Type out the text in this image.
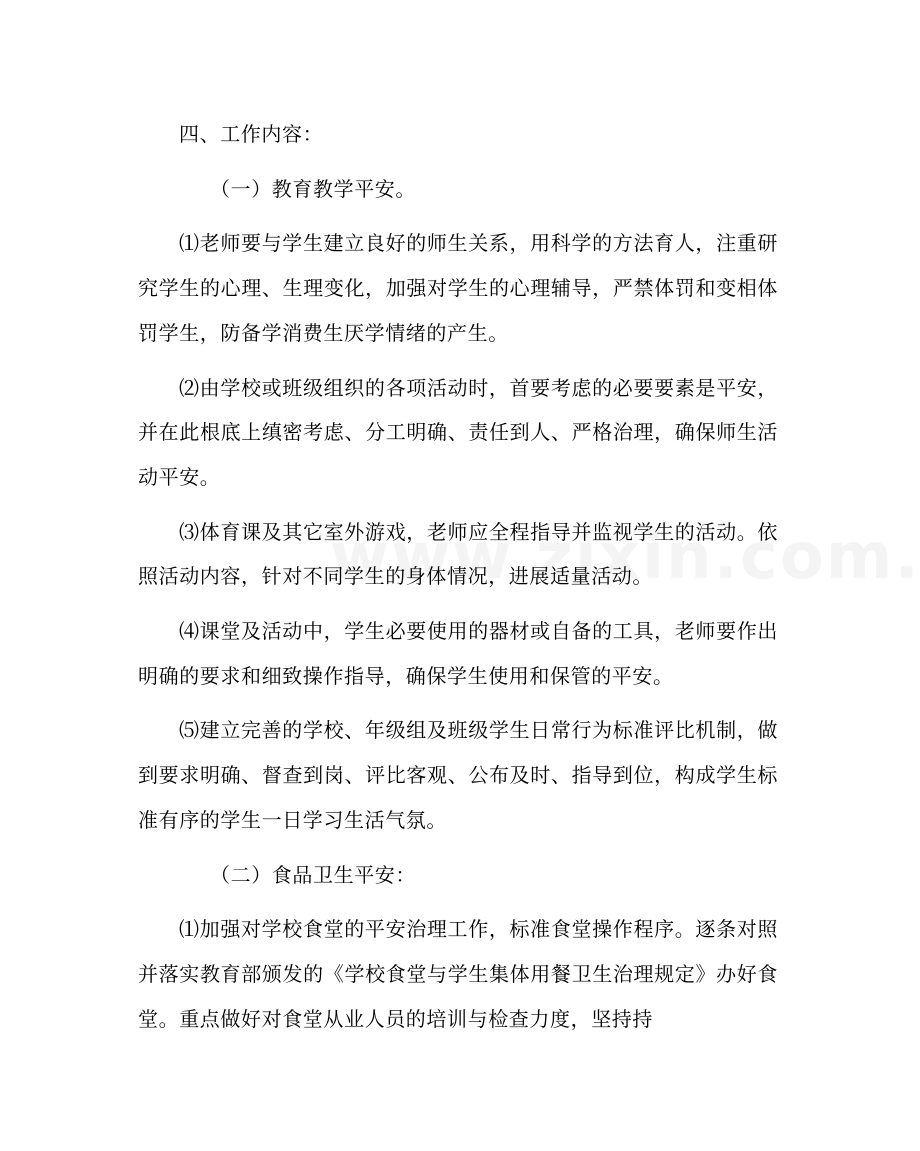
四、工作内容：

（一）教育教学平安。

⑴老师要与学生建立良好的师生关系，用科学的方法育人，注重研究学生的心理、生理变化，加强对学生的心理辅导，严禁体罚和变相体罚学生，防备学消费生厌学情绪的产生。

⑵由学校或班级组织的各项活动时，首要考虑的必要要素是平安，并在此根底上缜密考虑、分工明确、责任到人、严格治理，确保师生活动平安。

⑶体育课及其它室外游戏，老师应全程指导并监视学生的活动。依照活动内容，针对不同学生的身体情况，进展适量活动。

⑷课堂及活动中，学生必要使用的器材或自备的工具，老师要作出明确的要求和细致操作指导，确保学生使用和保管的平安。

⑸建立完善的学校、年级组及班级学生日常行为标准评比机制，做到要求明确、督查到岗、评比客观、公布及时、指导到位，构成学生标准有序的学生一日学习生活气氛。

（二）食品卫生平安：

⑴加强对学校食堂的平安治理工作，标准食堂操作程序。逐条对照并落实教育部颁发的《学校食堂与学生集体用餐卫生治理规定》办好食堂。重点做好对食堂从业人员的培训与检查力度，坚持持
